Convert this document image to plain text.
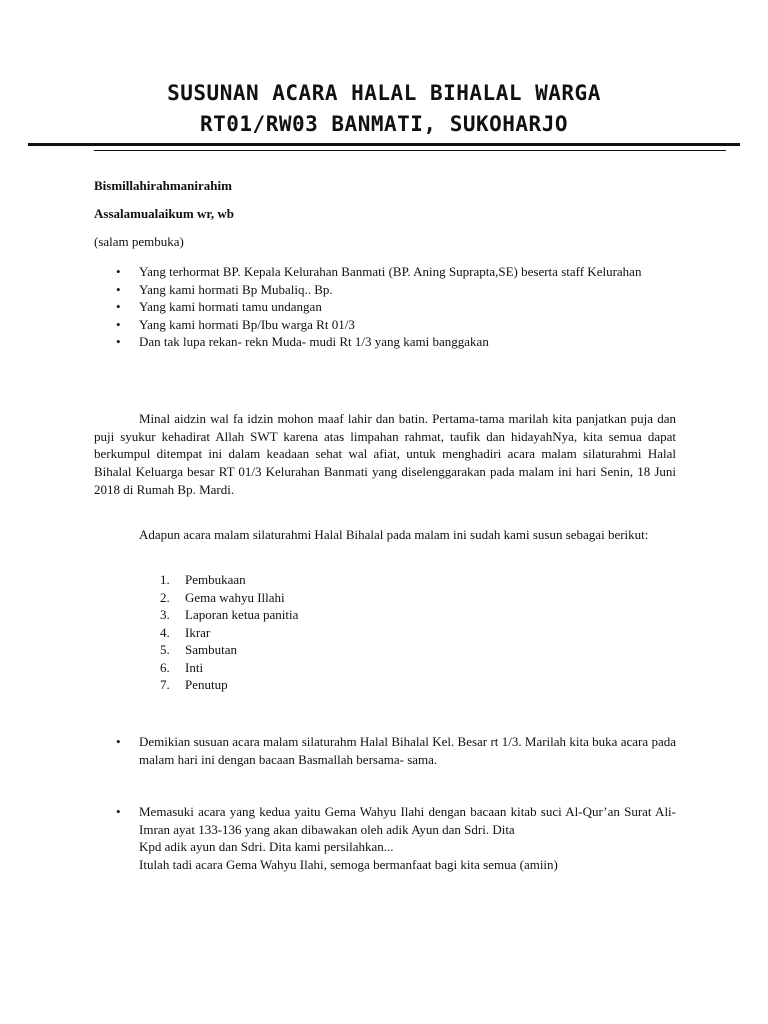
SUSUNAN ACARA HALAL BIHALAL WARGA
RT01/RW03 BANMATI, SUKOHARJO

Bismillahirahmanirahim

Assalamualaikum wr, wb

(salam pembuka)

• Yang terhormat BP. Kepala Kelurahan Banmati (BP. Aning Suprapta,SE) beserta staff Kelurahan
• Yang kami hormati Bp Mubaliq.. Bp.
• Yang kami hormati tamu undangan
• Yang kami hormati Bp/Ibu warga Rt 01/3
• Dan tak lupa rekan- rekn Muda- mudi Rt 1/3 yang kami banggakan

Minal aidzin wal fa idzin mohon maaf lahir dan batin. Pertama-tama marilah kita panjatkan puja dan puji syukur kehadirat Allah SWT karena atas limpahan rahmat, taufik dan hidayahNya, kita semua dapat berkumpul ditempat ini dalam keadaan sehat wal afiat, untuk menghadiri acara malam silaturahmi Halal Bihalal Keluarga besar RT 01/3 Kelurahan Banmati yang diselenggarakan pada malam ini hari Senin, 18 Juni 2018 di Rumah Bp. Mardi.

Adapun acara malam silaturahmi Halal Bihalal pada malam ini sudah kami susun sebagai berikut:

1. Pembukaan
2. Gema wahyu Illahi
3. Laporan ketua panitia
4. Ikrar
5. Sambutan
6. Inti
7. Penutup
• Demikian susuan acara malam silaturahm Halal Bihalal Kel. Besar rt 1/3. Marilah kita buka acara pada malam hari ini dengan bacaan Basmallah bersama- sama.
• Memasuki acara yang kedua yaitu Gema Wahyu Ilahi dengan bacaan kitab suci Al-Qur’an Surat Ali- Imran ayat 133-136 yang akan dibawakan oleh adik Ayun dan Sdri. Dita
Kpd adik ayun dan Sdri. Dita kami persilahkan...
Itulah tadi acara Gema Wahyu Ilahi, semoga bermanfaat bagi kita semua (amiin)
